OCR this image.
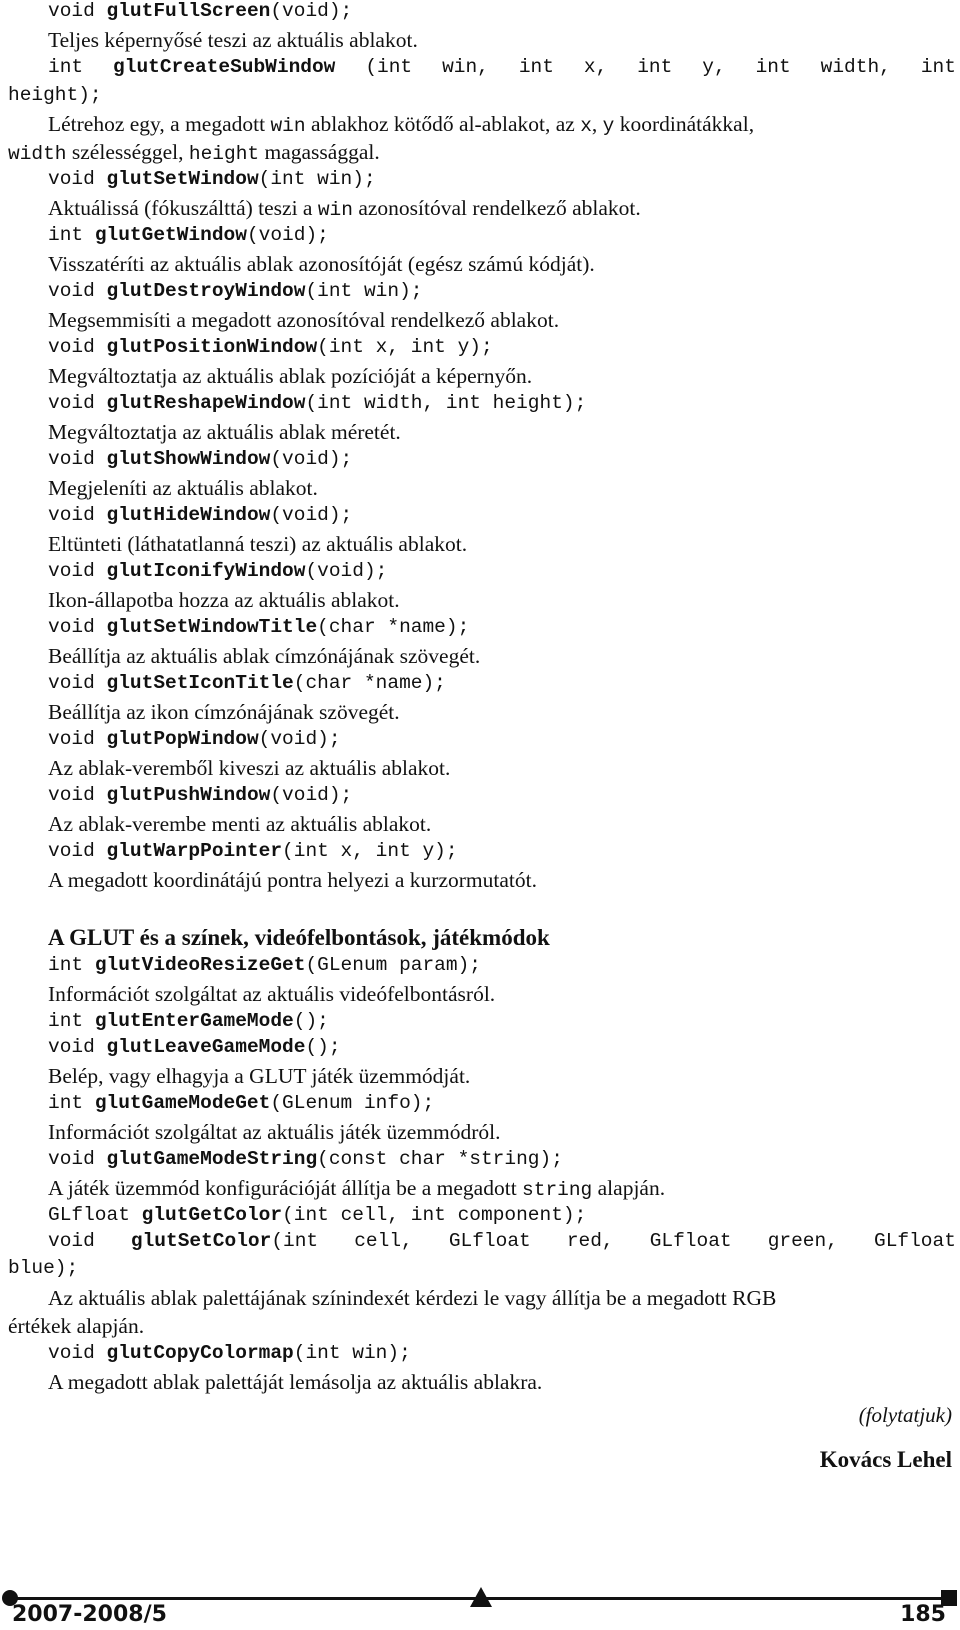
void glutFullScreen(void);
Teljes képernyősé teszi az aktuális ablakot.
int glutCreateSubWindow (int win, int x, int y, int width, int
height);
Létrehoz egy, a megadott win ablakhoz kötődő al-ablakot, az x, y koordinátákkal,
width szélességgel, height magassággal.
void glutSetWindow(int win);
Aktuálissá (fókuszálttá) teszi a win azonosítóval rendelkező ablakot.
int glutGetWindow(void);
Visszatéríti az aktuális ablak azonosítóját (egész számú kódját).
void glutDestroyWindow(int win);
Megsemmisíti a megadott azonosítóval rendelkező ablakot.
void glutPositionWindow(int x, int y);
Megváltoztatja az aktuális ablak pozícióját a képernyőn.
void glutReshapeWindow(int width, int height);
Megváltoztatja az aktuális ablak méretét.
void glutShowWindow(void);
Megjeleníti az aktuális ablakot.
void glutHideWindow(void);
Eltünteti (láthatatlanná teszi) az aktuális ablakot.
void glutIconifyWindow(void);
Ikon-állapotba hozza az aktuális ablakot.
void glutSetWindowTitle(char *name);
Beállítja az aktuális ablak címzónájának szövegét.
void glutSetIconTitle(char *name);
Beállítja az ikon címzónájának szövegét.
void glutPopWindow(void);
Az ablak-veremből kiveszi az aktuális ablakot.
void glutPushWindow(void);
Az ablak-verembe menti az aktuális ablakot.
void glutWarpPointer(int x, int y);
A megadott koordinátájú pontra helyezi a kurzormutatót.
A GLUT és a színek, videófelbontások, játékmódok
int glutVideoResizeGet(GLenum param);
Információt szolgáltat az aktuális videófelbontásról.
int glutEnterGameMode();
void glutLeaveGameMode();
Belép, vagy elhagyja a GLUT játék üzemmódját.
int glutGameModeGet(GLenum info);
Információt szolgáltat az aktuális játék üzemmódról.
void glutGameModeString(const char *string);
A játék üzemmód konfigurációját állítja be a megadott string alapján.
GLfloat glutGetColor(int cell, int component);
void glutSetColor(int cell, GLfloat red, GLfloat green, GLfloat
blue);
Az aktuális ablak palettájának színindexét kérdezi le vagy állítja be a megadott RGB
értékek alapján.
void glutCopyColormap(int win);
A megadott ablak palettáját lemásolja az aktuális ablakra.
(folytatjuk)
Kovács Lehel
2007-2008/5	185
